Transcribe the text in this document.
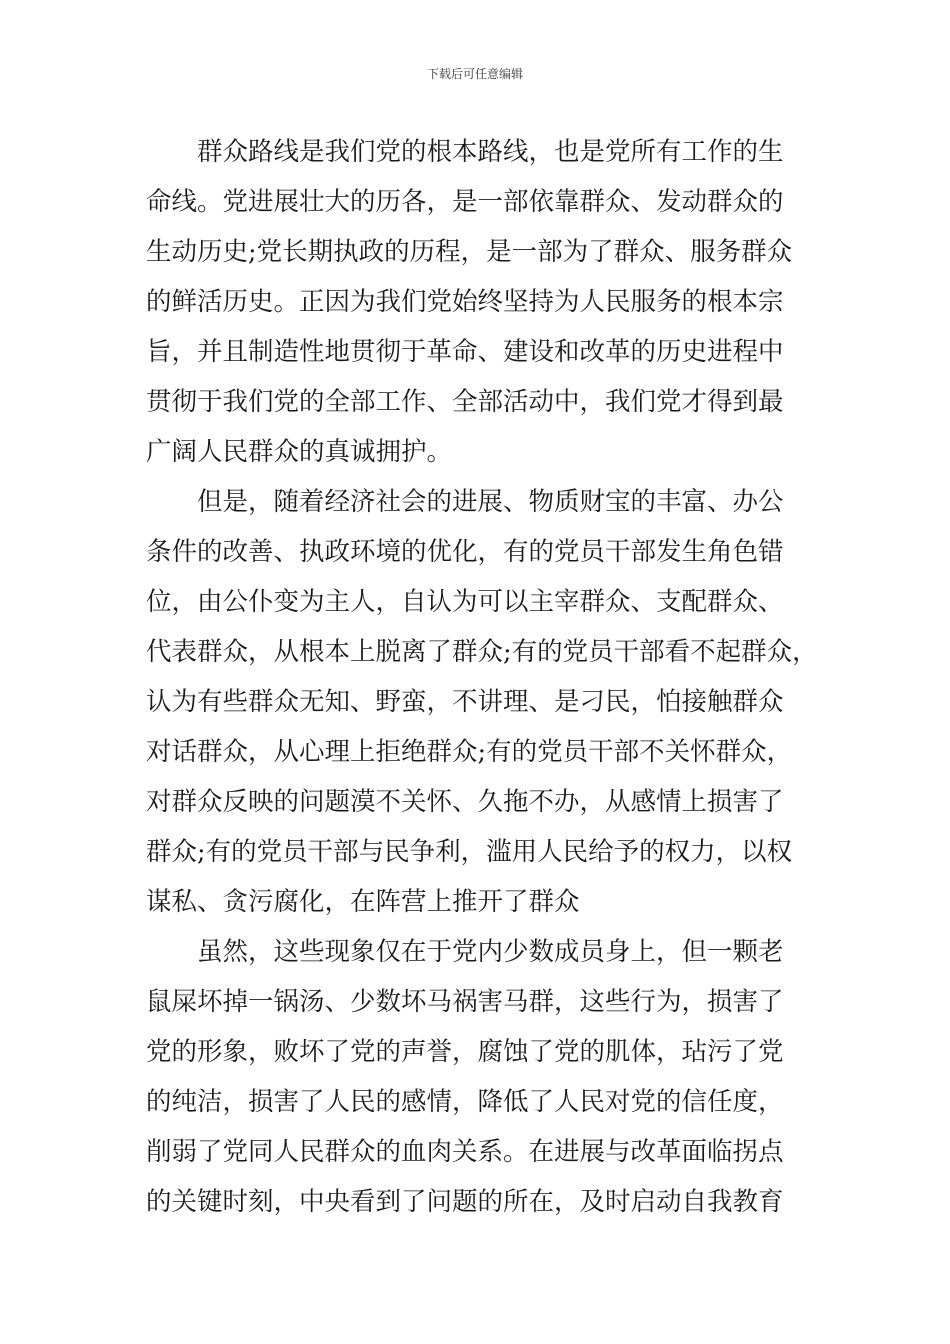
下载后可任意编辑
群众路线是我们党的根本路线，也是党所有工作的生
命线。党进展壮大的历各，是一部依靠群众、发动群众的
生动历史;党长期执政的历程，是一部为了群众、服务群众
的鲜活历史。正因为我们党始终坚持为人民服务的根本宗
旨，并且制造性地贯彻于革命、建设和改革的历史进程中
贯彻于我们党的全部工作、全部活动中，我们党才得到最
广阔人民群众的真诚拥护。
但是，随着经济社会的进展、物质财宝的丰富、办公
条件的改善、执政环境的优化，有的党员干部发生角色错
位，由公仆变为主人，自认为可以主宰群众、支配群众、
代表群众，从根本上脱离了群众;有的党员干部看不起群众，
认为有些群众无知、野蛮，不讲理、是刁民，怕接触群众
对话群众，从心理上拒绝群众;有的党员干部不关怀群众，
对群众反映的问题漠不关怀、久拖不办，从感情上损害了
群众;有的党员干部与民争利，滥用人民给予的权力，以权
谋私、贪污腐化，在阵营上推开了群众
虽然，这些现象仅在于党内少数成员身上，但一颗老
鼠屎坏掉一锅汤、少数坏马祸害马群，这些行为，损害了
党的形象，败坏了党的声誉，腐蚀了党的肌体，玷污了党
的纯洁，损害了人民的感情，降低了人民对党的信任度，
削弱了党同人民群众的血肉关系。在进展与改革面临拐点
的关键时刻，中央看到了问题的所在，及时启动自我教育
